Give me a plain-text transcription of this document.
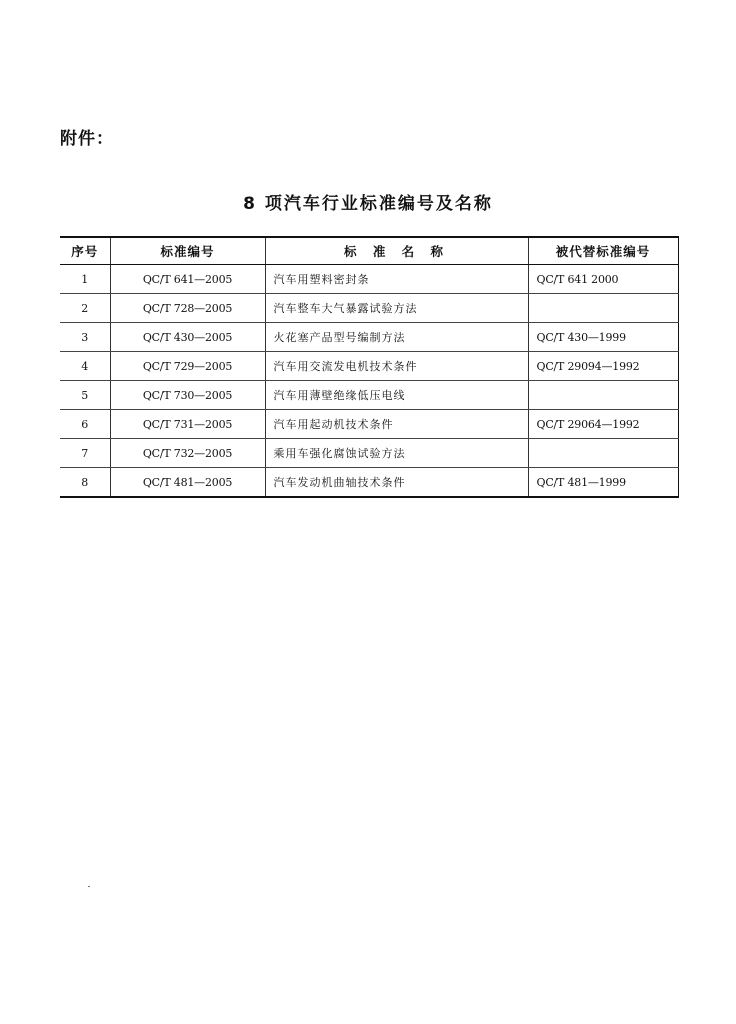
附件：
8 项汽车行业标准编号及名称
序号	标准编号	标 准 名 称	被代替标准编号
1	QC/T 641—2005	汽车用塑料密封条	QC/T 641 2000
2	QC/T 728—2005	汽车整车大气暴露试验方法	
3	QC/T 430—2005	火花塞产品型号编制方法	QC/T 430—1999
4	QC/T 729—2005	汽车用交流发电机技术条件	QC/T 29094—1992
5	QC/T 730—2005	汽车用薄壁绝缘低压电线	
6	QC/T 731—2005	汽车用起动机技术条件	QC/T 29064—1992
7	QC/T 732—2005	乘用车强化腐蚀试验方法	
8	QC/T 481—2005	汽车发动机曲轴技术条件	QC/T 481—1999
